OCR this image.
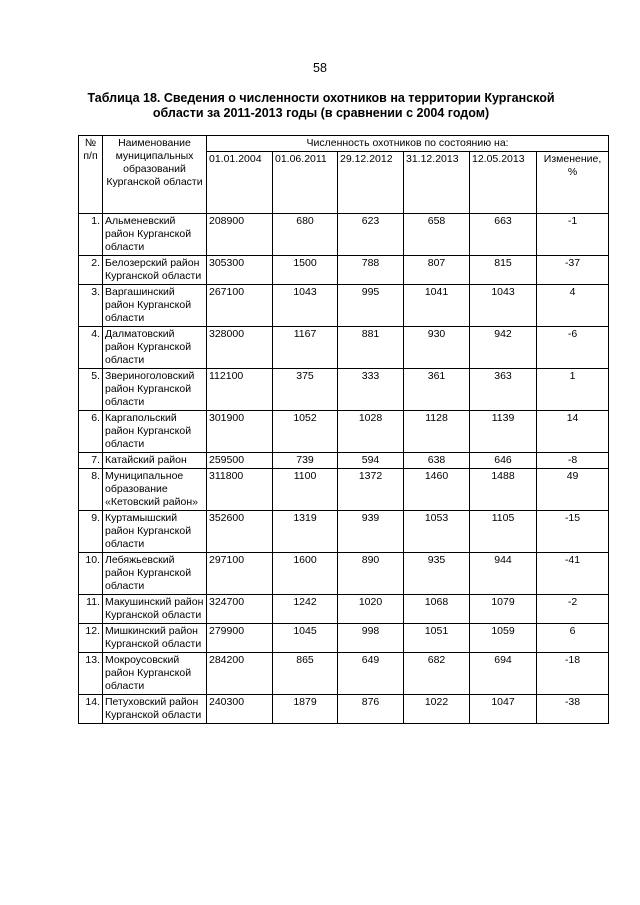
58
Таблица 18. Сведения о численности охотников на территории Курганской
области за 2011-2013 годы (в сравнении с 2004 годом)
№ п/п	Наименование муниципальных образований Курганской области	Численность охотников по состоянию на:					
		01.01.2004	01.06.2011	29.12.2012	31.12.2013	12.05.2013	Изменение, %
1.	Альменевский район Курганской области	208900	680	623	658	663	-1
2.	Белозерский район Курганской области	305300	1500	788	807	815	-37
3.	Варгашинский район Курганской области	267100	1043	995	1041	1043	4
4.	Далматовский район Курганской области	328000	1167	881	930	942	-6
5.	Звериноголовский район Курганской области	112100	375	333	361	363	1
6.	Каргапольский район Курганской области	301900	1052	1028	1128	1139	14
7.	Катайский район	259500	739	594	638	646	-8
8.	Муниципальное образование «Кетовский район»	311800	1100	1372	1460	1488	49
9.	Куртамышский район Курганской области	352600	1319	939	1053	1105	-15
10.	Лебяжьевский район Курганской области	297100	1600	890	935	944	-41
11.	Макушинский район Курганской области	324700	1242	1020	1068	1079	-2
12.	Мишкинский район Курганской области	279900	1045	998	1051	1059	6
13.	Мокроусовский район Курганской области	284200	865	649	682	694	-18
14.	Петуховский район Курганской области	240300	1879	876	1022	1047	-38
